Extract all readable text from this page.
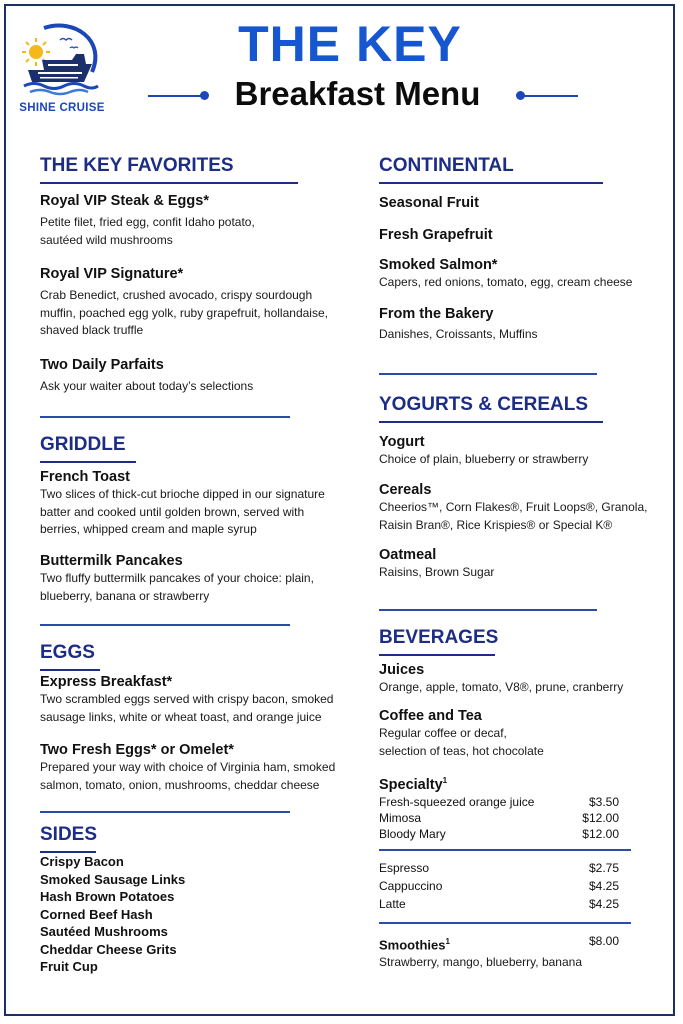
SHINE CRUISE
THE KEY
Breakfast Menu
THE KEY FAVORITES
Royal VIP Steak & Eggs*
Petite filet, fried egg, confit Idaho potato,
sautéed wild mushrooms
Royal VIP Signature*
Crab Benedict, crushed avocado, crispy sourdough
muffin, poached egg yolk, ruby grapefruit, hollandaise,
shaved black truffle
Two Daily Parfaits
Ask your waiter about today’s selections
GRIDDLE
French Toast
Two slices of thick-cut brioche dipped in our signature
batter and cooked until golden brown, served with
berries, whipped cream and maple syrup
Buttermilk Pancakes
Two fluffy buttermilk pancakes of your choice: plain,
blueberry, banana or strawberry
EGGS
Express Breakfast*
Two scrambled eggs served with crispy bacon, smoked
sausage links, white or wheat toast, and orange juice
Two Fresh Eggs* or Omelet*
Prepared your way with choice of Virginia ham, smoked
salmon, tomato, onion, mushrooms, cheddar cheese
SIDES
Crispy Bacon
Smoked Sausage Links
Hash Brown Potatoes
Corned Beef Hash
Sautéed Mushrooms
Cheddar Cheese Grits
Fruit Cup
CONTINENTAL
Seasonal Fruit
Fresh Grapefruit
Smoked Salmon*
Capers, red onions, tomato, egg, cream cheese
From the Bakery
Danishes, Croissants, Muffins
YOGURTS & CEREALS
Yogurt
Choice of plain, blueberry or strawberry
Cereals
Cheerios™, Corn Flakes®, Fruit Loops®, Granola,
Raisin Bran®, Rice Krispies® or Special K®
Oatmeal
Raisins, Brown Sugar
BEVERAGES
Juices
Orange, apple, tomato, V8®, prune, cranberry
Coffee and Tea
Regular coffee or decaf,
selection of teas, hot chocolate
Specialty$^1$
Fresh-squeezed orange juice	$3.50
Mimosa	$12.00
Bloody Mary	$12.00
Espresso	$2.75
Cappuccino	$4.25
Latte	$4.25
Smoothies$^1$	$8.00
Strawberry, mango, blueberry, banana
